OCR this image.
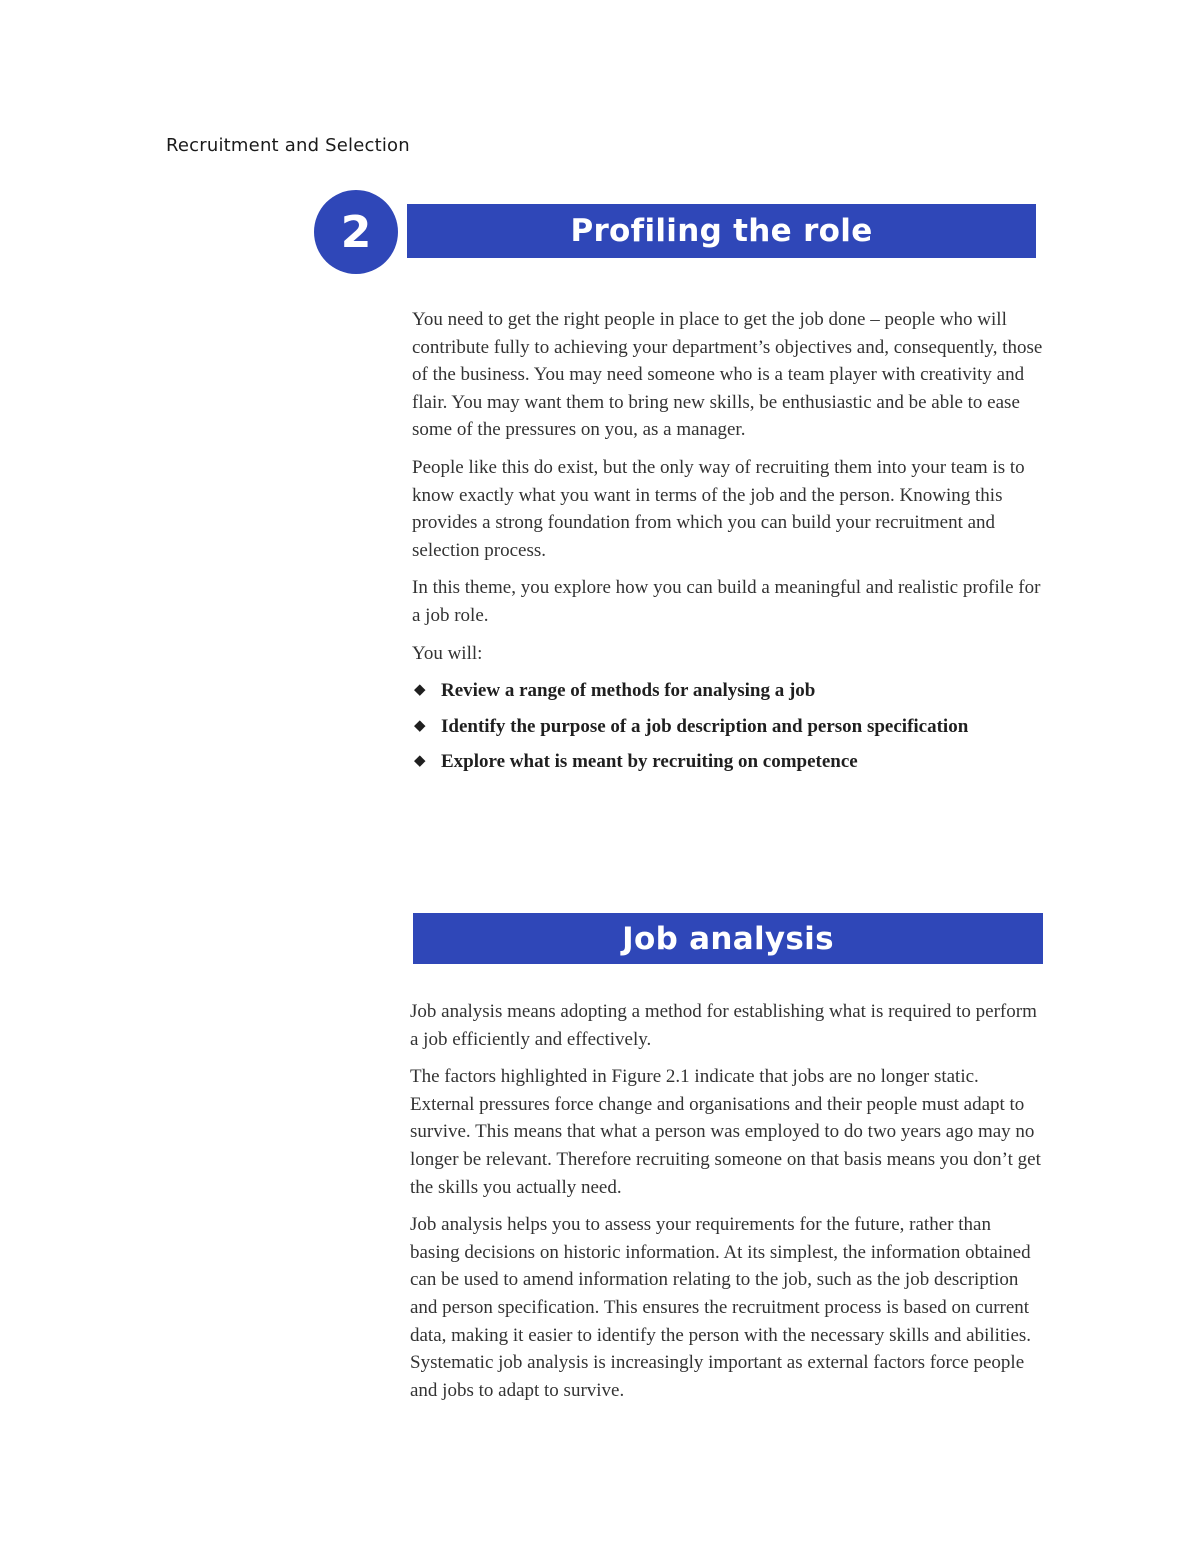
Recruitment and Selection
2	Profiling the role

You need to get the right people in place to get the job done – people who will contribute fully to achieving your department’s objectives and, consequently, those of the business. You may need someone who is a team player with creativity and flair. You may want them to bring new skills, be enthusiastic and be able to ease some of the pressures on you, as a manager.

People like this do exist, but the only way of recruiting them into your team is to know exactly what you want in terms of the job and the person. Knowing this provides a strong foundation from which you can build your recruitment and selection process.

In this theme, you explore how you can build a meaningful and realistic profile for a job role.

You will:

◆ Review a range of methods for analysing a job
◆ Identify the purpose of a job description and person specification
◆ Explore what is meant by recruiting on competence
Job analysis

Job analysis means adopting a method for establishing what is required to perform a job efficiently and effectively.

The factors highlighted in Figure 2.1 indicate that jobs are no longer static. External pressures force change and organisations and their people must adapt to survive. This means that what a person was employed to do two years ago may no longer be relevant. Therefore recruiting someone on that basis means you don’t get the skills you actually need.

Job analysis helps you to assess your requirements for the future, rather than basing decisions on historic information. At its simplest, the information obtained can be used to amend information relating to the job, such as the job description and person specification. This ensures the recruitment process is based on current data, making it easier to identify the person with the necessary skills and abilities. Systematic job analysis is increasingly important as external factors force people and jobs to adapt to survive.
